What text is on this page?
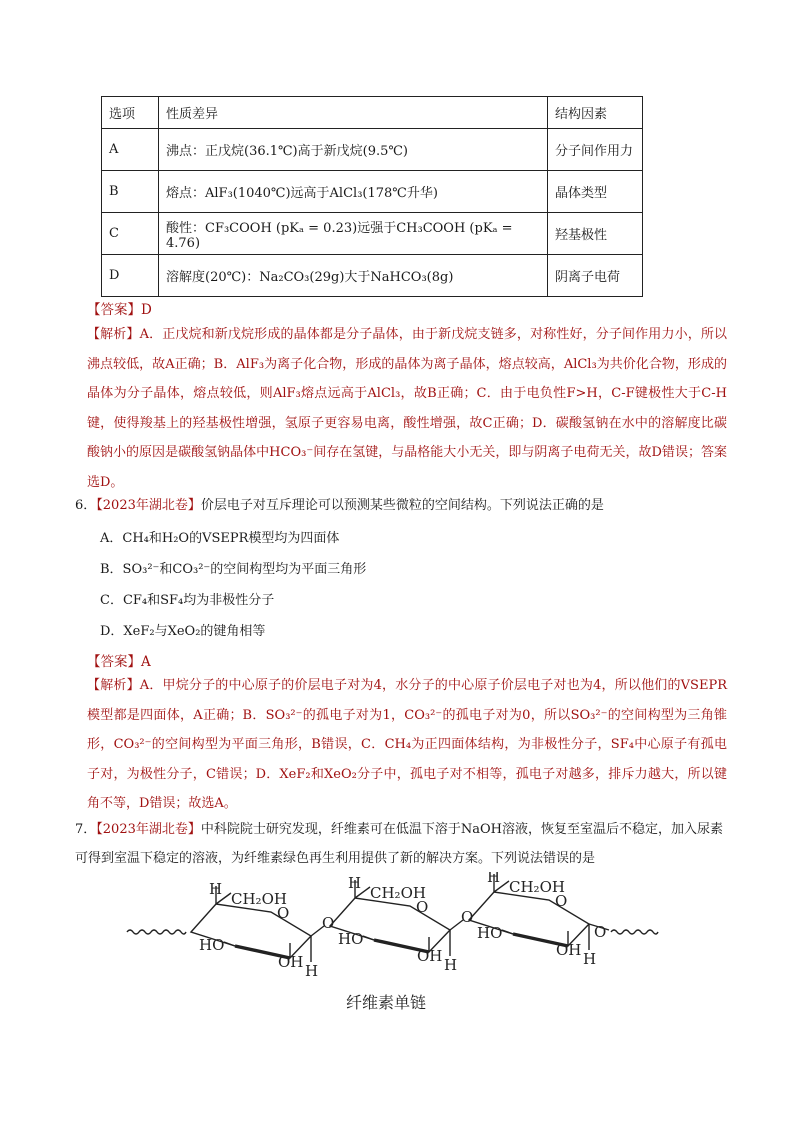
选项	性质差异	结构因素
A	沸点：正戊烷(36.1℃)高于新戊烷(9.5℃)	分子间作用力
B	熔点：AlF₃(1040℃)远高于AlCl₃(178℃升华)	晶体类型
C	酸性：CF₃COOH (pKₐ = 0.23)远强于CH₃COOH (pKₐ = 4.76)	羟基极性
D	溶解度(20℃)：Na₂CO₃(29g)大于NaHCO₃(8g)	阴离子电荷
【答案】D
【解析】A．正戊烷和新戊烷形成的晶体都是分子晶体，由于新戊烷支链多，对称性好，分子间作用力小，所以沸点较低，故A正确；B．AlF₃为离子化合物，形成的晶体为离子晶体，熔点较高，AlCl₃为共价化合物，形成的晶体为分子晶体，熔点较低，则AlF₃熔点远高于AlCl₃，故B正确；C．由于电负性F>H，C-F键极性大于C-H键，使得羧基上的羟基极性增强，氢原子更容易电离，酸性增强，故C正确；D．碳酸氢钠在水中的溶解度比碳酸钠小的原因是碳酸氢钠晶体中HCO₃⁻间存在氢键，与晶格能大小无关，即与阴离子电荷无关，故D错误；答案选D。
6．【2023年湖北卷】价层电子对互斥理论可以预测某些微粒的空间结构。下列说法正确的是
A．CH₄和H₂O的VSEPR模型均为四面体
B．SO₃²⁻和CO₃²⁻的空间构型均为平面三角形
C．CF₄和SF₄均为非极性分子
D．XeF₂与XeO₂的键角相等
【答案】A
【解析】A．甲烷分子的中心原子的价层电子对为4，水分子的中心原子价层电子对也为4，所以他们的VSEPR模型都是四面体，A正确；B．SO₃²⁻的孤电子对为1，CO₃²⁻的孤电子对为0，所以SO₃²⁻的空间构型为三角锥形，CO₃²⁻的空间构型为平面三角形，B错误，C．CH₄为正四面体结构，为非极性分子，SF₄中心原子有孤电子对，为极性分子，C错误；D．XeF₂和XeO₂分子中，孤电子对不相等，孤电子对越多，排斥力越大，所以键角不等，D错误；故选A。
7．【2023年湖北卷】中科院院士研究发现，纤维素可在低温下溶于NaOH溶液，恢复至室温后不稳定，加入尿素可得到室温下稳定的溶液，为纤维素绿色再生利用提供了新的解决方案。下列说法错误的是
H
CH₂OH
O
HO
OH H
O
H
CH₂OH
O
HO
OH H
O
H
CH₂OH
O
HO
OH H
O
纤维素单链
